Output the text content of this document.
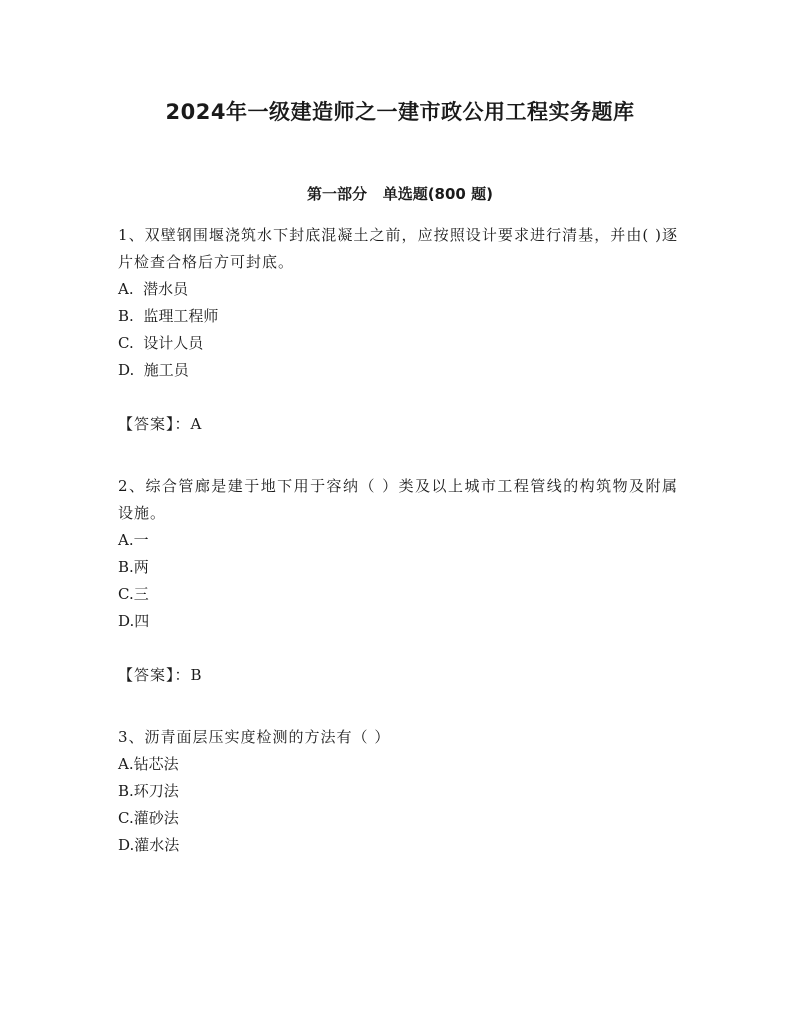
2024年一级建造师之一建市政公用工程实务题库
第一部分   单选题(800 题)

1、双壁钢围堰浇筑水下封底混凝土之前，应按照设计要求进行清基，并由( )逐片检查合格后方可封底。

A.  潜水员

B.  监理工程师

C.  设计人员

D.  施工员

【答案】：A

2、综合管廊是建于地下用于容纳（ ）类及以上城市工程管线的构筑物及附属设施。

A.一

B.两

C.三

D.四

【答案】：B

3、沥青面层压实度检测的方法有（ ）

A.钻芯法

B.环刀法

C.灌砂法

D.灌水法
